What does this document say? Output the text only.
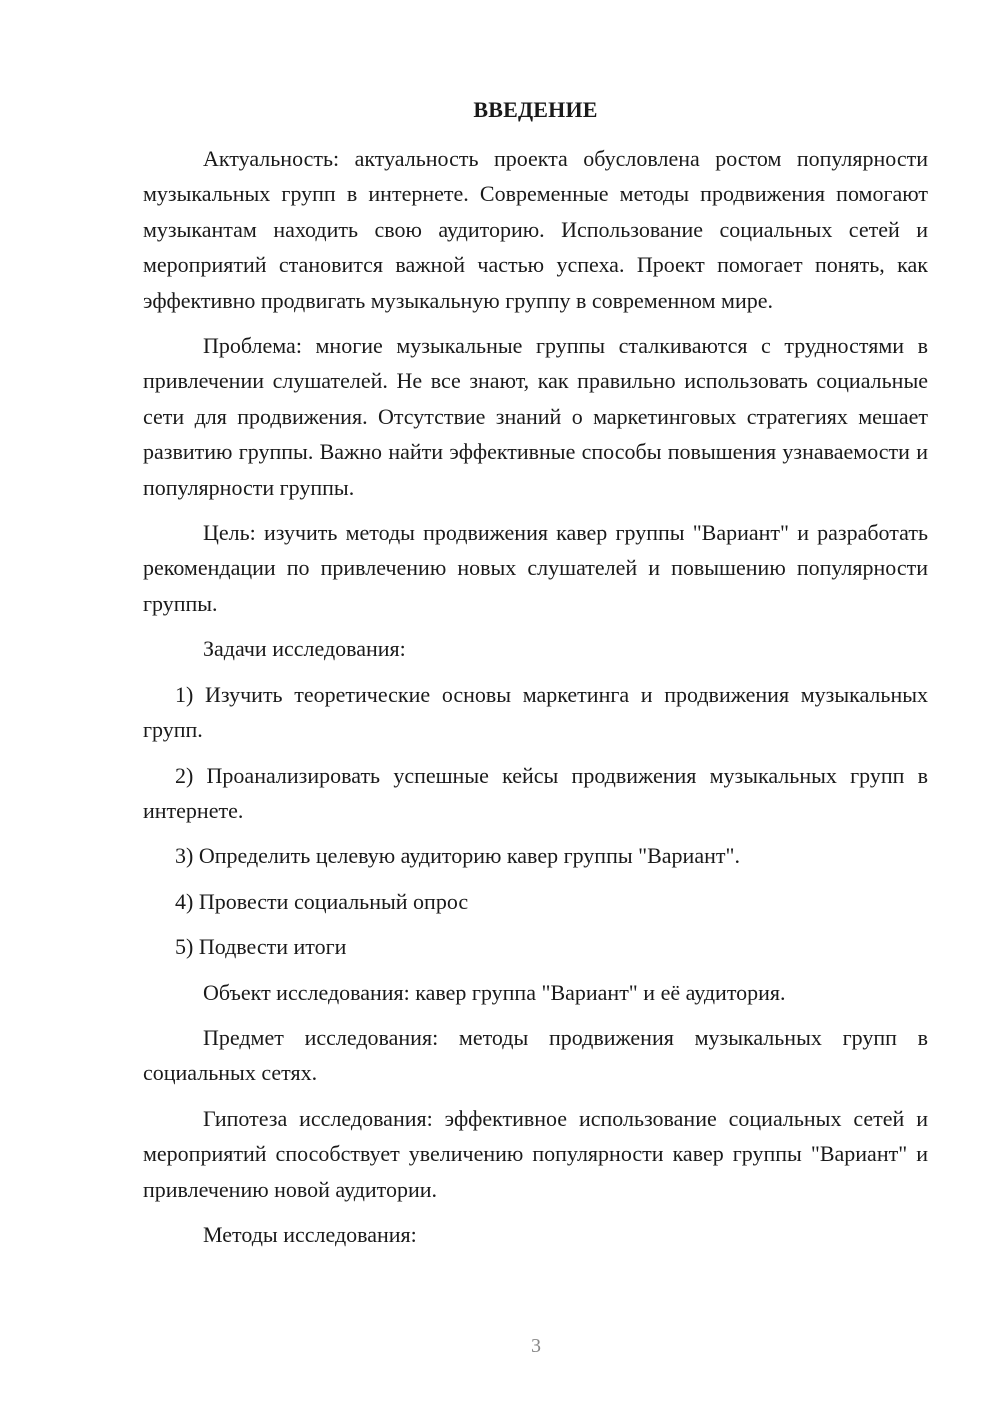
ВВЕДЕНИЕ

Актуальность: актуальность проекта обусловлена ростом популярности музыкальных групп в интернете. Современные методы продвижения помогают музыкантам находить свою аудиторию. Использование социальных сетей и мероприятий становится важной частью успеха. Проект помогает понять, как эффективно продвигать музыкальную группу в современном мире.

Проблема: многие музыкальные группы сталкиваются с трудностями в привлечении слушателей. Не все знают, как правильно использовать социальные сети для продвижения. Отсутствие знаний о маркетинговых стратегиях мешает развитию группы. Важно найти эффективные способы повышения узнаваемости и популярности группы.

Цель: изучить методы продвижения кавер группы "Вариант" и разработать рекомендации по привлечению новых слушателей и повышению популярности группы.

Задачи исследования:

1) Изучить теоретические основы маркетинга и продвижения музыкальных групп.

2) Проанализировать успешные кейсы продвижения музыкальных групп в интернете.

3) Определить целевую аудиторию кавер группы "Вариант".

4) Провести социальный опрос

5) Подвести итоги

Объект исследования: кавер группа "Вариант" и её аудитория.

Предмет исследования: методы продвижения музыкальных групп в социальных сетях.

Гипотеза исследования: эффективное использование социальных сетей и мероприятий способствует увеличению популярности кавер группы "Вариант" и привлечению новой аудитории.

Методы исследования:

3
